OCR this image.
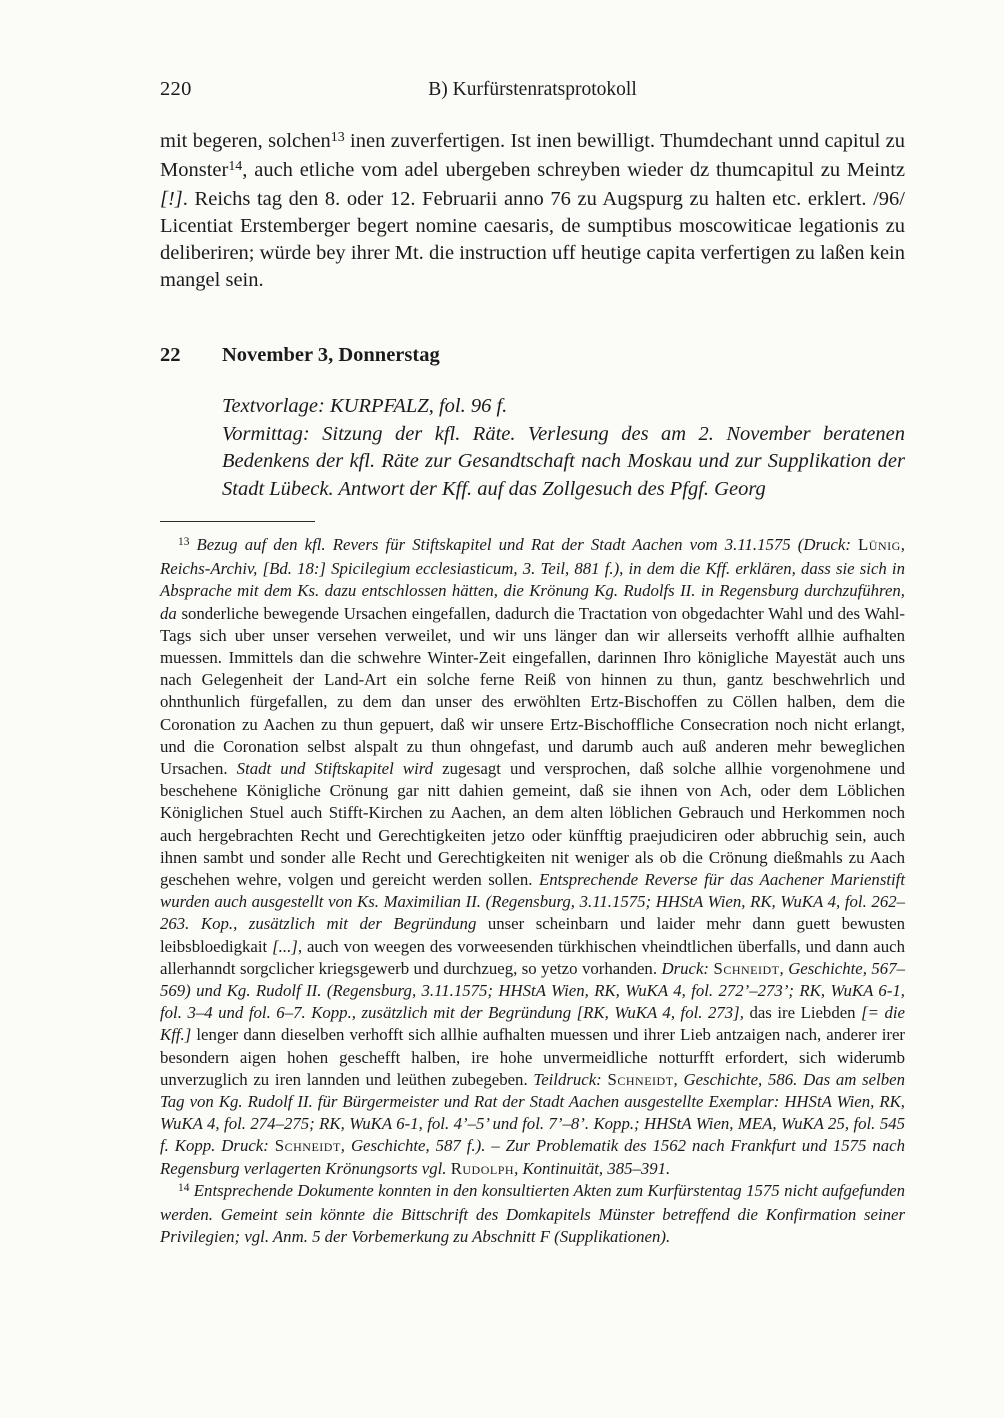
220	B) Kurfürstenratsprotokoll

mit begeren, solchen$^{13}$ inen zuverfertigen. Ist inen bewilligt. Thumdechant unnd capitul zu Monster$^{14}$, auch etliche vom adel ubergeben schreyben wieder dz thumcapitul zu Meintz [!]. Reichs tag den 8. oder 12. Februarii anno 76 zu Augspurg zu halten etc. erklert. /96/ Licentiat Erstemberger begert nomine caesaris, de sumptibus moscowiticae legationis zu deliberiren; würde bey ihrer Mt. die instruction uff heutige capita verfertigen zu laßen kein mangel sein.

22	November 3, Donnerstag

Textvorlage: KURPFALZ, fol. 96 f.

Vormittag: Sitzung der kfl. Räte. Verlesung des am 2. November beratenen Bedenkens der kfl. Räte zur Gesandtschaft nach Moskau und zur Supplikation der Stadt Lübeck. Antwort der Kff. auf das Zollgesuch des Pfgf. Georg

$^{13}$ Bezug auf den kfl. Revers für Stiftskapitel und Rat der Stadt Aachen vom 3.11.1575 (Druck: Lünig, Reichs-Archiv, [Bd. 18:] Spicilegium ecclesiasticum, 3. Teil, 881 f.), in dem die Kff. erklären, dass sie sich in Absprache mit dem Ks. dazu entschlossen hätten, die Krönung Kg. Rudolfs II. in Regensburg durchzuführen, da sonderliche bewegende Ursachen eingefallen, dadurch die Tractation von obgedachter Wahl und des Wahl-Tags sich uber unser versehen verweilet, und wir uns länger dan wir allerseits verhofft allhie aufhalten muessen. Immittels dan die schwehre Winter-Zeit eingefallen, darinnen Ihro königliche Mayestät auch uns nach Gelegenheit der Land-Art ein solche ferne Reiß von hinnen zu thun, gantz beschwehrlich und ohnthunlich fürgefallen, zu dem dan unser des erwöhlten Ertz-Bischoffen zu Cöllen halben, dem die Coronation zu Aachen zu thun gepuert, daß wir unsere Ertz-Bischoffliche Consecration noch nicht erlangt, und die Coronation selbst alspalt zu thun ohngefast, und darumb auch auß anderen mehr beweglichen Ursachen. Stadt und Stiftskapitel wird zugesagt und versprochen, daß solche allhie vorgenohmene und beschehene Königliche Crönung gar nitt dahien gemeint, daß sie ihnen von Ach, oder dem Löblichen Königlichen Stuel auch Stifft-Kirchen zu Aachen, an dem alten löblichen Gebrauch und Herkommen noch auch hergebrachten Recht und Gerechtigkeiten jetzo oder künfftig praejudiciren oder abbruchig sein, auch ihnen sambt und sonder alle Recht und Gerechtigkeiten nit weniger als ob die Crönung dießmahls zu Aach geschehen wehre, volgen und gereicht werden sollen. Entsprechende Reverse für das Aachener Marienstift wurden auch ausgestellt von Ks. Maximilian II. (Regensburg, 3.11.1575; HHStA Wien, RK, WuKA 4, fol. 262–263. Kop., zusätzlich mit der Begründung unser scheinbarn und laider mehr dann guett bewusten leibsbloedigkait [...], auch von weegen des vorweesenden türkhischen vheindtlichen überfalls, und dann auch allerhanndt sorgclicher kriegsgewerb und durchzueg, so yetzo vorhanden. Druck: Schneidt, Geschichte, 567–569) und Kg. Rudolf II. (Regensburg, 3.11.1575; HHStA Wien, RK, WuKA 4, fol. 272’–273’; RK, WuKA 6-1, fol. 3–4 und fol. 6–7. Kopp., zusätzlich mit der Begründung [RK, WuKA 4, fol. 273], das ire Liebden [= die Kff.] lenger dann dieselben verhofft sich allhie aufhalten muessen und ihrer Lieb antzaigen nach, anderer irer besondern aigen hohen geschefft halben, ire hohe unvermeidliche notturfft erfordert, sich widerumb unverzuglich zu iren lannden und leüthen zubegeben. Teildruck: Schneidt, Geschichte, 586. Das am selben Tag von Kg. Rudolf II. für Bürgermeister und Rat der Stadt Aachen ausgestellte Exemplar: HHStA Wien, RK, WuKA 4, fol. 274–275; RK, WuKA 6-1, fol. 4’–5’ und fol. 7’–8’. Kopp.; HHStA Wien, MEA, WuKA 25, fol. 545 f. Kopp. Druck: Schneidt, Geschichte, 587 f.). – Zur Problematik des 1562 nach Frankfurt und 1575 nach Regensburg verlagerten Krönungsorts vgl. Rudolph, Kontinuität, 385–391.

$^{14}$ Entsprechende Dokumente konnten in den konsultierten Akten zum Kurfürstentag 1575 nicht aufgefunden werden. Gemeint sein könnte die Bittschrift des Domkapitels Münster betreffend die Konfirmation seiner Privilegien; vgl. Anm. 5 der Vorbemerkung zu Abschnitt F (Supplikationen).
